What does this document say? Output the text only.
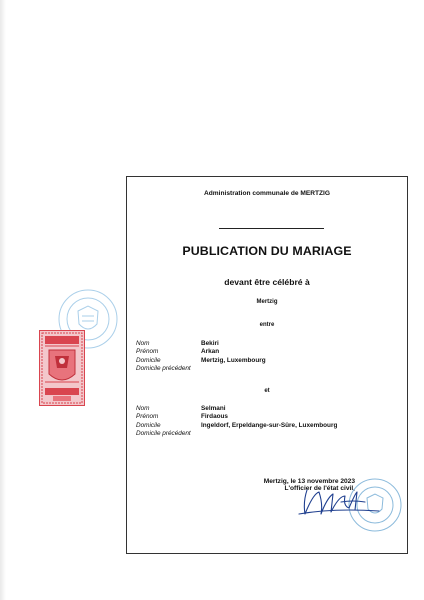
Administration communale de MERTZIG
PUBLICATION DU MARIAGE
devant être célébré à
Mertzig
entre
Nom	Bekiri
Prénom	Arkan
Domicile	Mertzig, Luxembourg
Domicile précédent
et
Nom	Selmani
Prénom	Firdaous
Domicile	Ingeldorf, Erpeldange-sur-Sûre, Luxembourg
Domicile précédent
Mertzig, le 13 novembre 2023
L'officier de l'état civil,
